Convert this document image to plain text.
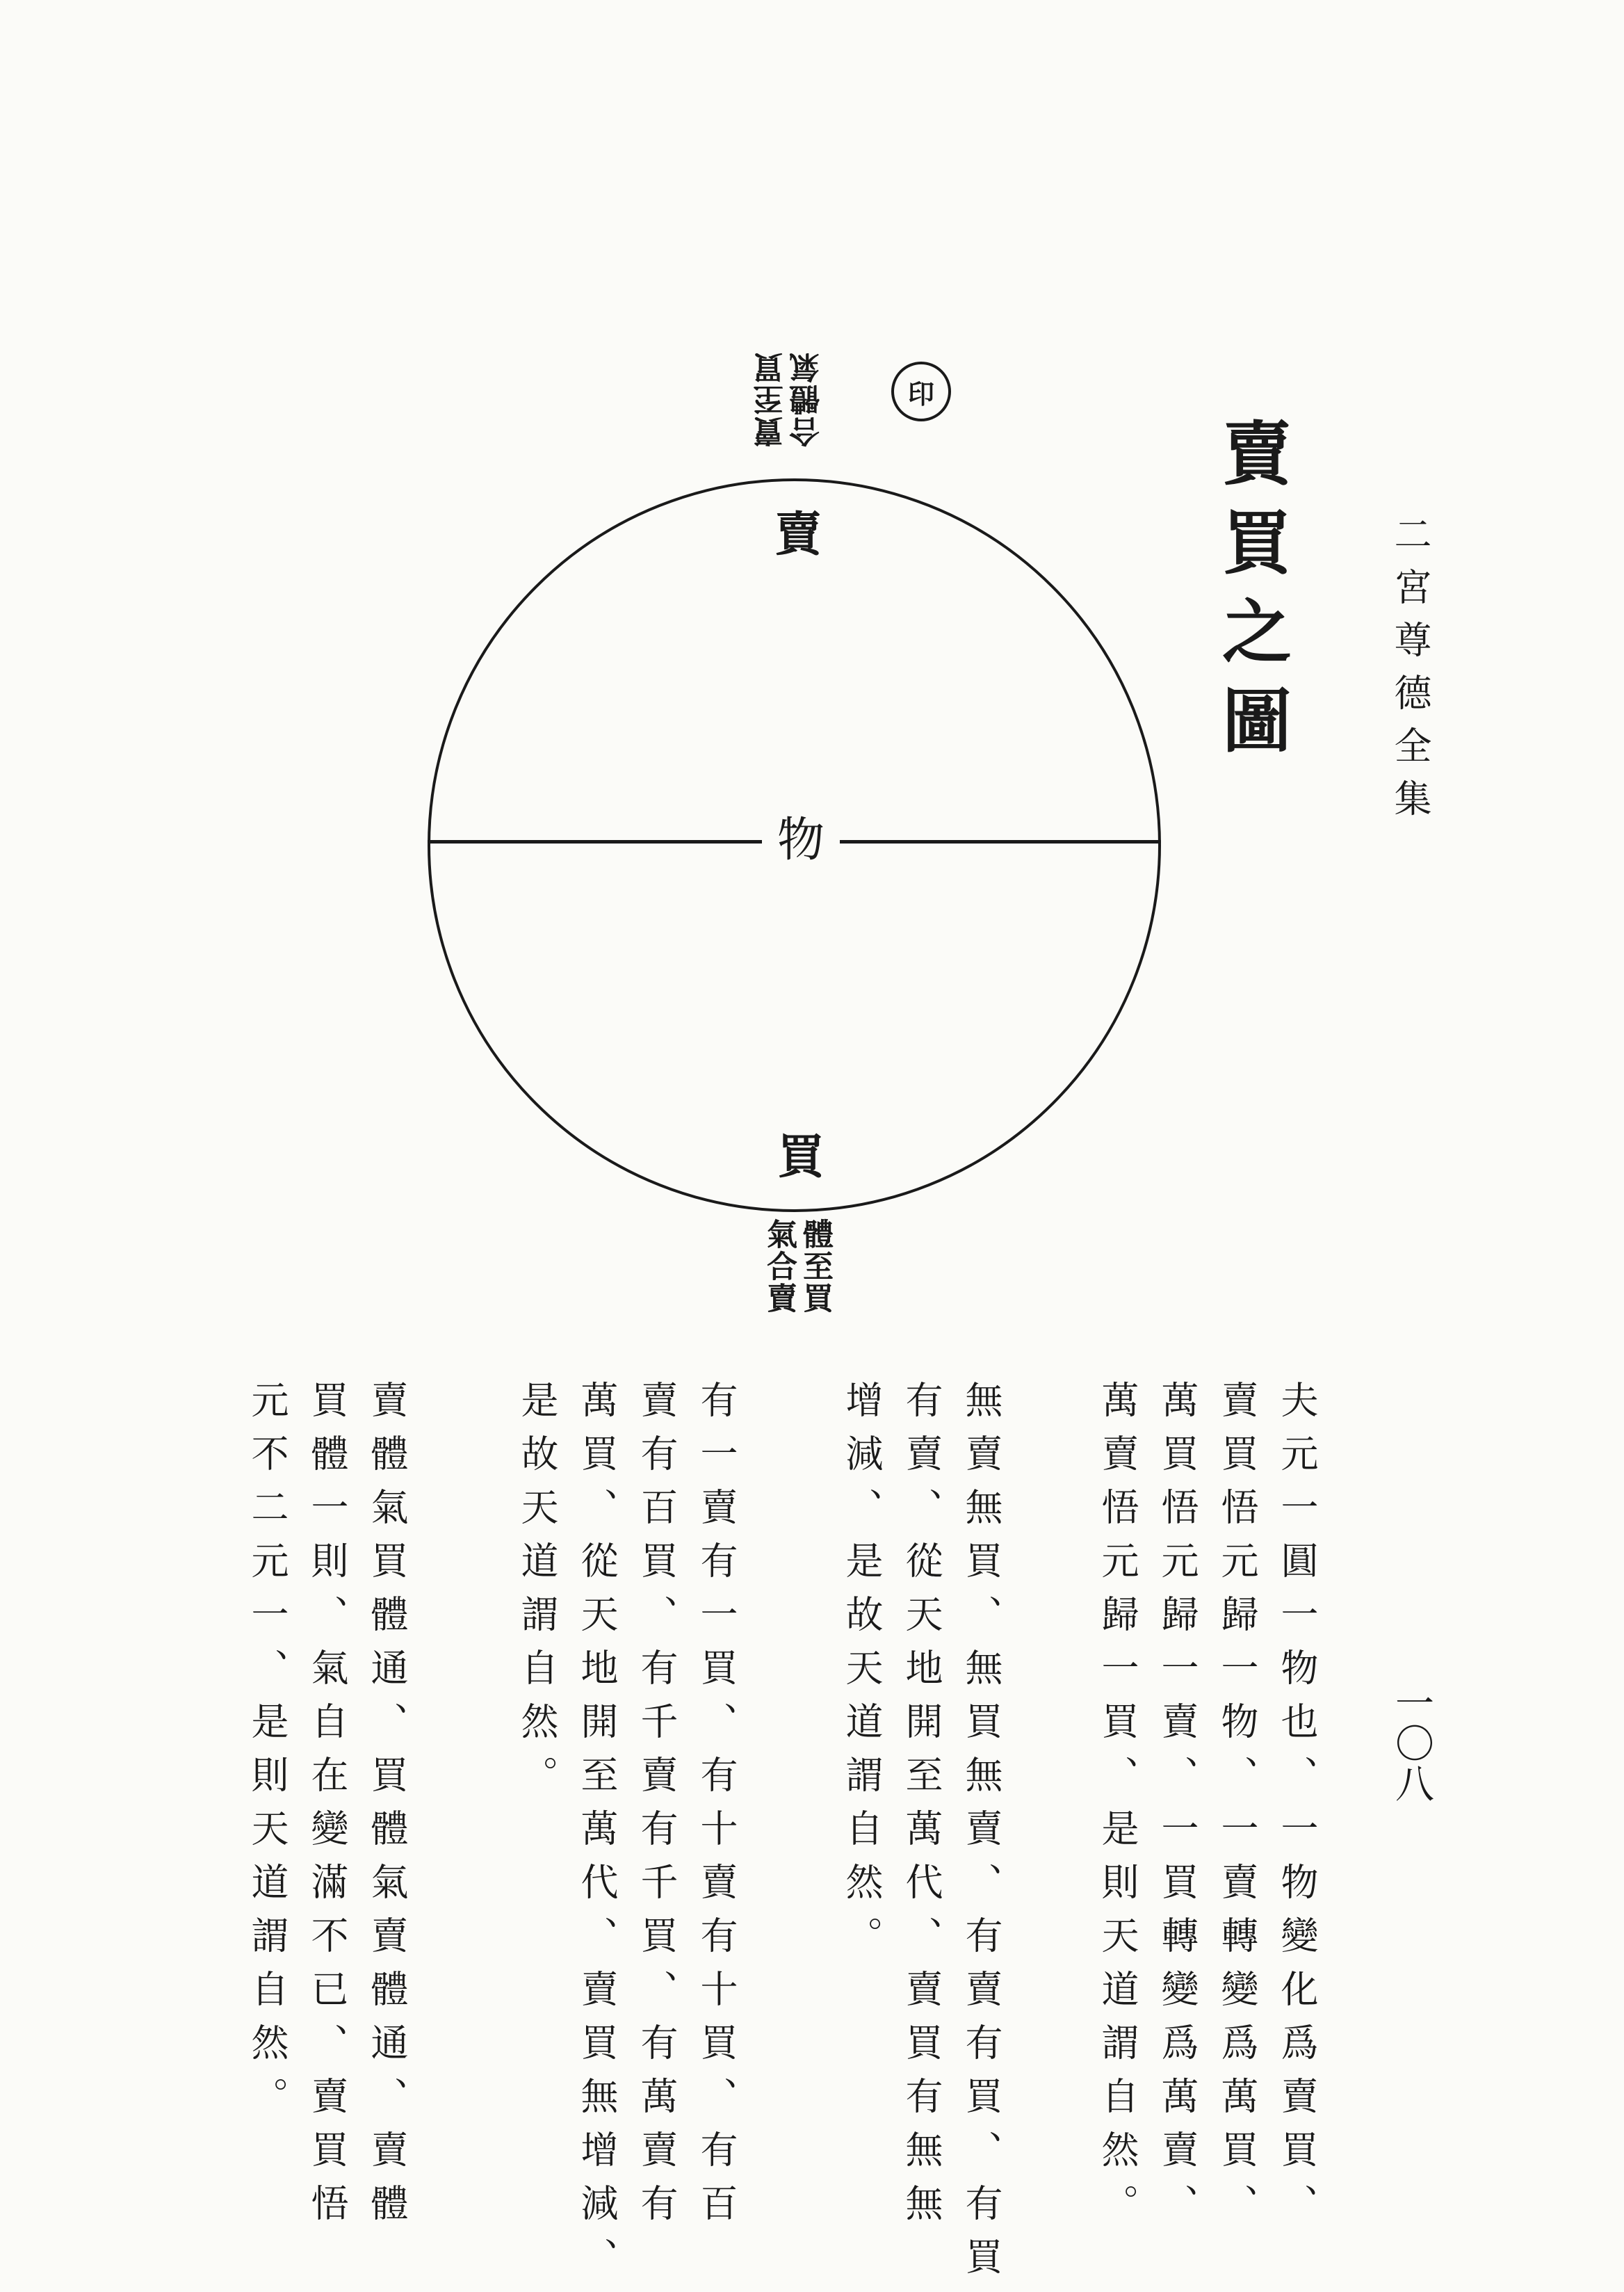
二宮尊德全集
一〇八
賣買之圖
印
賣至買 合體氣
賣
物
買
體至買
氣合賣

夫元一圓一物也、一物變化爲賣買、

賣買悟元歸一物、一賣轉變爲萬買、

萬買悟元歸一賣、一買轉變爲萬賣、

萬賣悟元歸一買、是則天道謂自然。

無賣無買、無買無賣、有賣有買、有買

有賣、從天地開至萬代、賣買有無無

增減、是故天道謂自然。

有一賣有一買、有十賣有十買、有百

賣有百買、有千賣有千買、有萬賣有

萬買、從天地開至萬代、賣買無增減、

是故天道謂自然。

賣體氣買體通、買體氣賣體通、賣體

買體一則、氣自在變滿不已、賣買悟

元不二元一、是則天道謂自然。
